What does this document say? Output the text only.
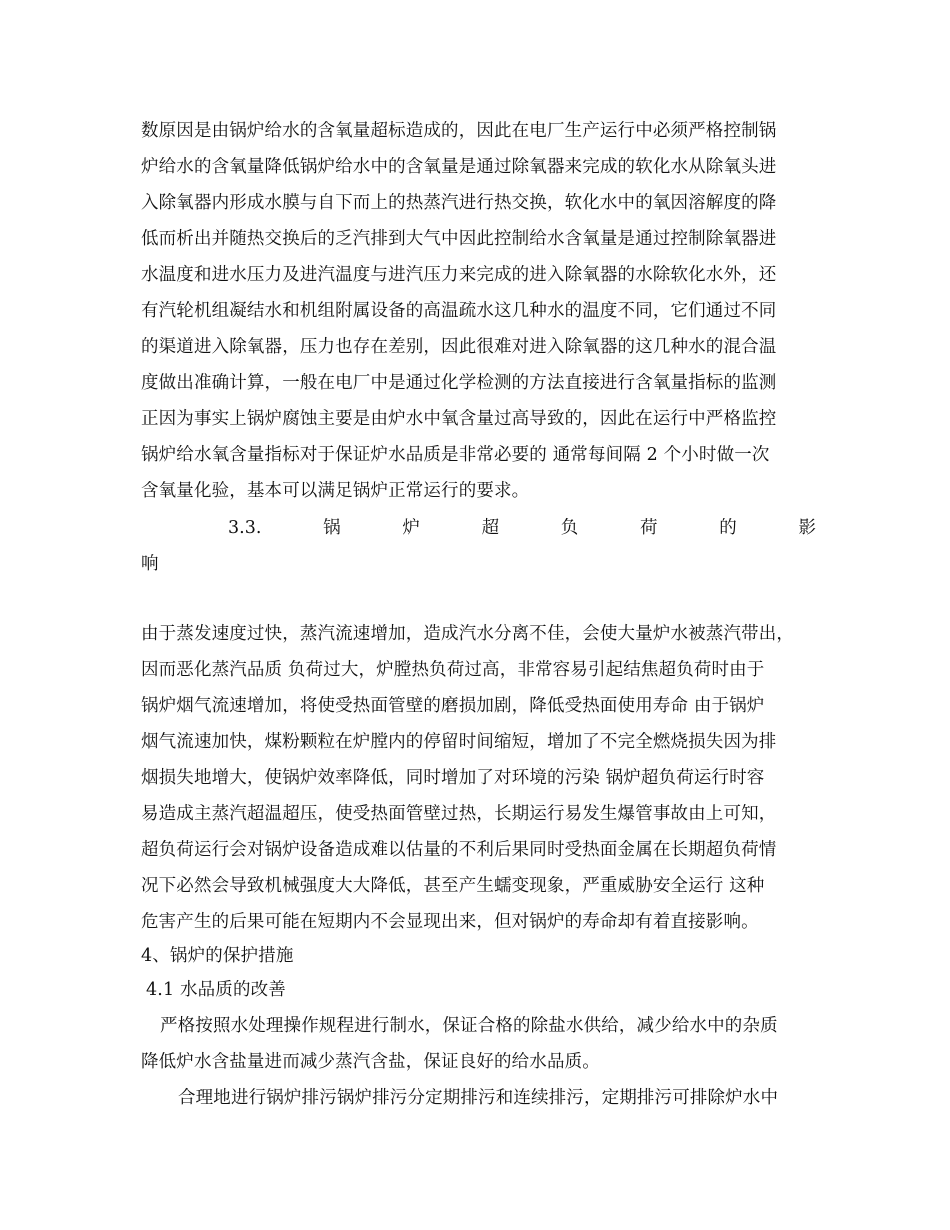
数原因是由锅炉给水的含氧量超标造成的，因此在电厂生产运行中必须严格控制锅
炉给水的含氧量降低锅炉给水中的含氧量是通过除氧器来完成的软化水从除氧头进
入除氧器内形成水膜与自下而上的热蒸汽进行热交换，软化水中的氧因溶解度的降
低而析出并随热交换后的乏汽排到大气中因此控制给水含氧量是通过控制除氧器进
水温度和进水压力及进汽温度与进汽压力来完成的进入除氧器的水除软化水外，还
有汽轮机组凝结水和机组附属设备的高温疏水这几种水的温度不同，它们通过不同
的渠道进入除氧器，压力也存在差别，因此很难对进入除氧器的这几种水的混合温
度做出准确计算，一般在电厂中是通过化学检测的方法直接进行含氧量指标的监测
正因为事实上锅炉腐蚀主要是由炉水中氧含量过高导致的，因此在运行中严格监控
锅炉给水氧含量指标对于保证炉水品质是非常必要的 通常每间隔 2 个小时做一次
含氧量化验，基本可以满足锅炉正常运行的要求。
3.3.	锅	炉	超	负	荷	的	影
响
由于蒸发速度过快，蒸汽流速增加，造成汽水分离不佳，会使大量炉水被蒸汽带出，
因而恶化蒸汽品质 负荷过大，炉膛热负荷过高，非常容易引起结焦超负荷时由于
锅炉烟气流速增加，将使受热面管壁的磨损加剧，降低受热面使用寿命 由于锅炉
烟气流速加快，煤粉颗粒在炉膛内的停留时间缩短，增加了不完全燃烧损失因为排
烟损失地增大，使锅炉效率降低，同时增加了对环境的污染 锅炉超负荷运行时容
易造成主蒸汽超温超压，使受热面管壁过热，长期运行易发生爆管事故由上可知，
超负荷运行会对锅炉设备造成难以估量的不利后果同时受热面金属在长期超负荷情
况下必然会导致机械强度大大降低，甚至产生蠕变现象，严重威胁安全运行 这种
危害产生的后果可能在短期内不会显现出来，但对锅炉的寿命却有着直接影响。
4、锅炉的保护措施
4.1 水品质的改善
严格按照水处理操作规程进行制水，保证合格的除盐水供给，减少给水中的杂质
降低炉水含盐量进而减少蒸汽含盐，保证良好的给水品质。
合理地进行锅炉排污锅炉排污分定期排污和连续排污，定期排污可排除炉水中
